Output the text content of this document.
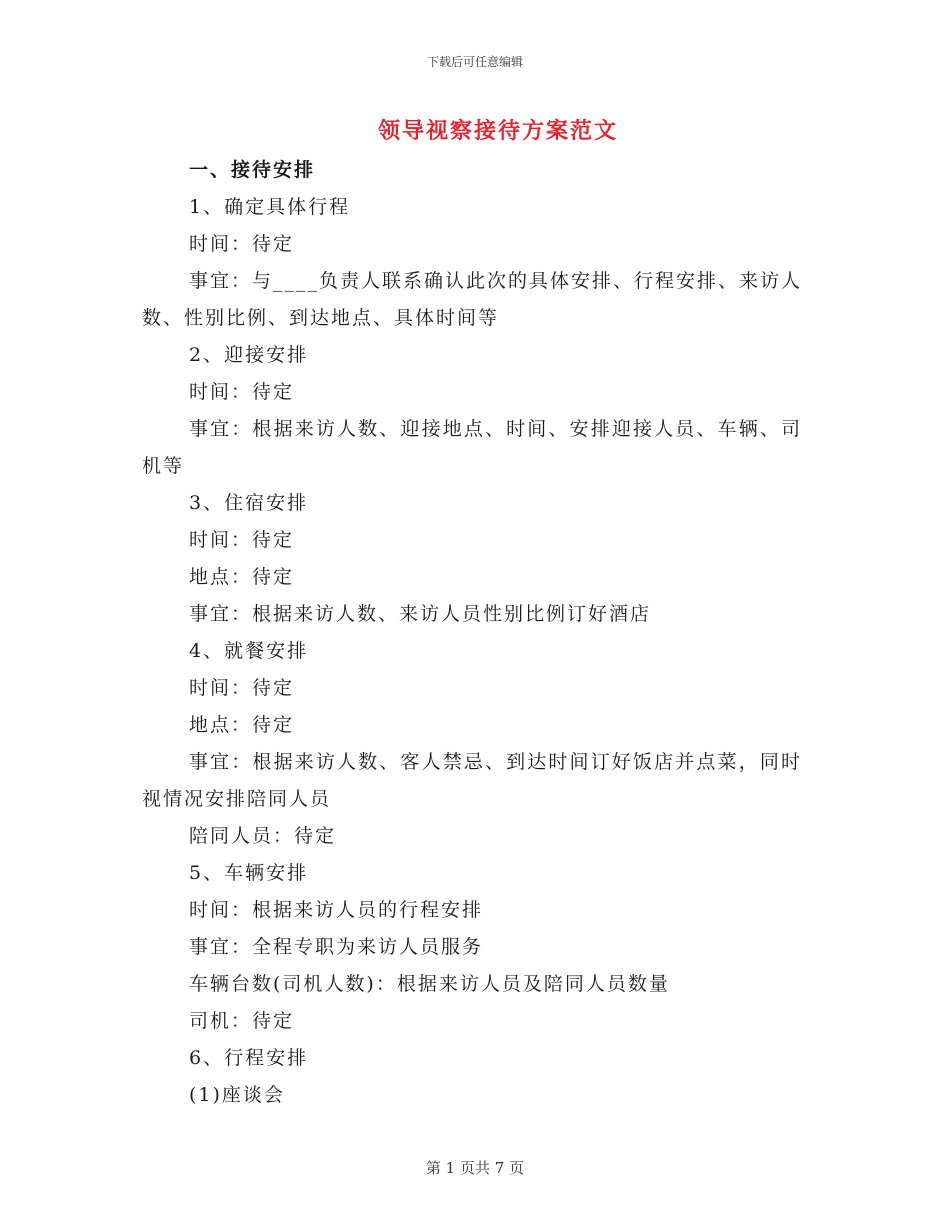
下载后可任意编辑
领导视察接待方案范文
一、接待安排
1、确定具体行程
时间：待定
事宜：与____负责人联系确认此次的具体安排、行程安排、来访人数、性别比例、到达地点、具体时间等
2、迎接安排
时间：待定
事宜：根据来访人数、迎接地点、时间、安排迎接人员、车辆、司机等
3、住宿安排
时间：待定
地点：待定
事宜：根据来访人数、来访人员性别比例订好酒店
4、就餐安排
时间：待定
地点：待定
事宜：根据来访人数、客人禁忌、到达时间订好饭店并点菜，同时视情况安排陪同人员
陪同人员：待定
5、车辆安排
时间：根据来访人员的行程安排
事宜：全程专职为来访人员服务
车辆台数(司机人数)：根据来访人员及陪同人员数量
司机：待定
6、行程安排
(1)座谈会
第 1 页共 7 页
